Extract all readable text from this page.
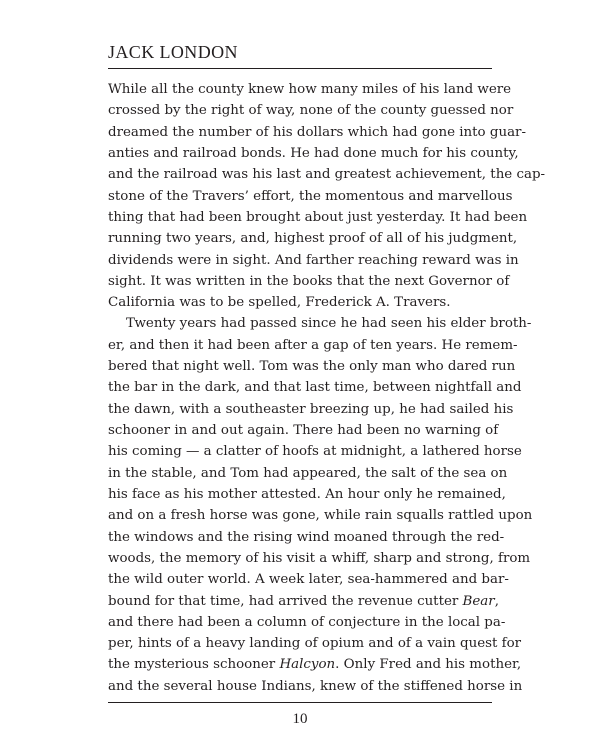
JACK LONDON
While all the county knew how many miles of his land were
crossed by the right of way, none of the county guessed nor
dreamed the number of his dollars which had gone into guar-
anties and railroad bonds. He had done much for his county,
and the railroad was his last and greatest achievement, the cap-
stone of the Travers’ effort, the momentous and marvellous
thing that had been brought about just yesterday. It had been
running two years, and, highest proof of all of his judgment,
dividends were in sight. And farther reaching reward was in
sight. It was written in the books that the next Governor of
California was to be spelled, Frederick A. Travers.
Twenty years had passed since he had seen his elder broth-
er, and then it had been after a gap of ten years. He remem-
bered that night well. Tom was the only man who dared run
the bar in the dark, and that last time, between nightfall and
the dawn, with a southeaster breezing up, he had sailed his
schooner in and out again. There had been no warning of
his coming — a clatter of hoofs at midnight, a lathered horse
in the stable, and Tom had appeared, the salt of the sea on
his face as his mother attested. An hour only he remained,
and on a fresh horse was gone, while rain squalls rattled upon
the windows and the rising wind moaned through the red-
woods, the memory of his visit a whiff, sharp and strong, from
the wild outer world. A week later, sea-hammered and bar-
bound for that time, had arrived the revenue cutter Bear,
and there had been a column of conjecture in the local pa-
per, hints of a heavy landing of opium and of a vain quest for
the mysterious schooner Halcyon. Only Fred and his mother,
and the several house Indians, knew of the stiffened horse in
10
